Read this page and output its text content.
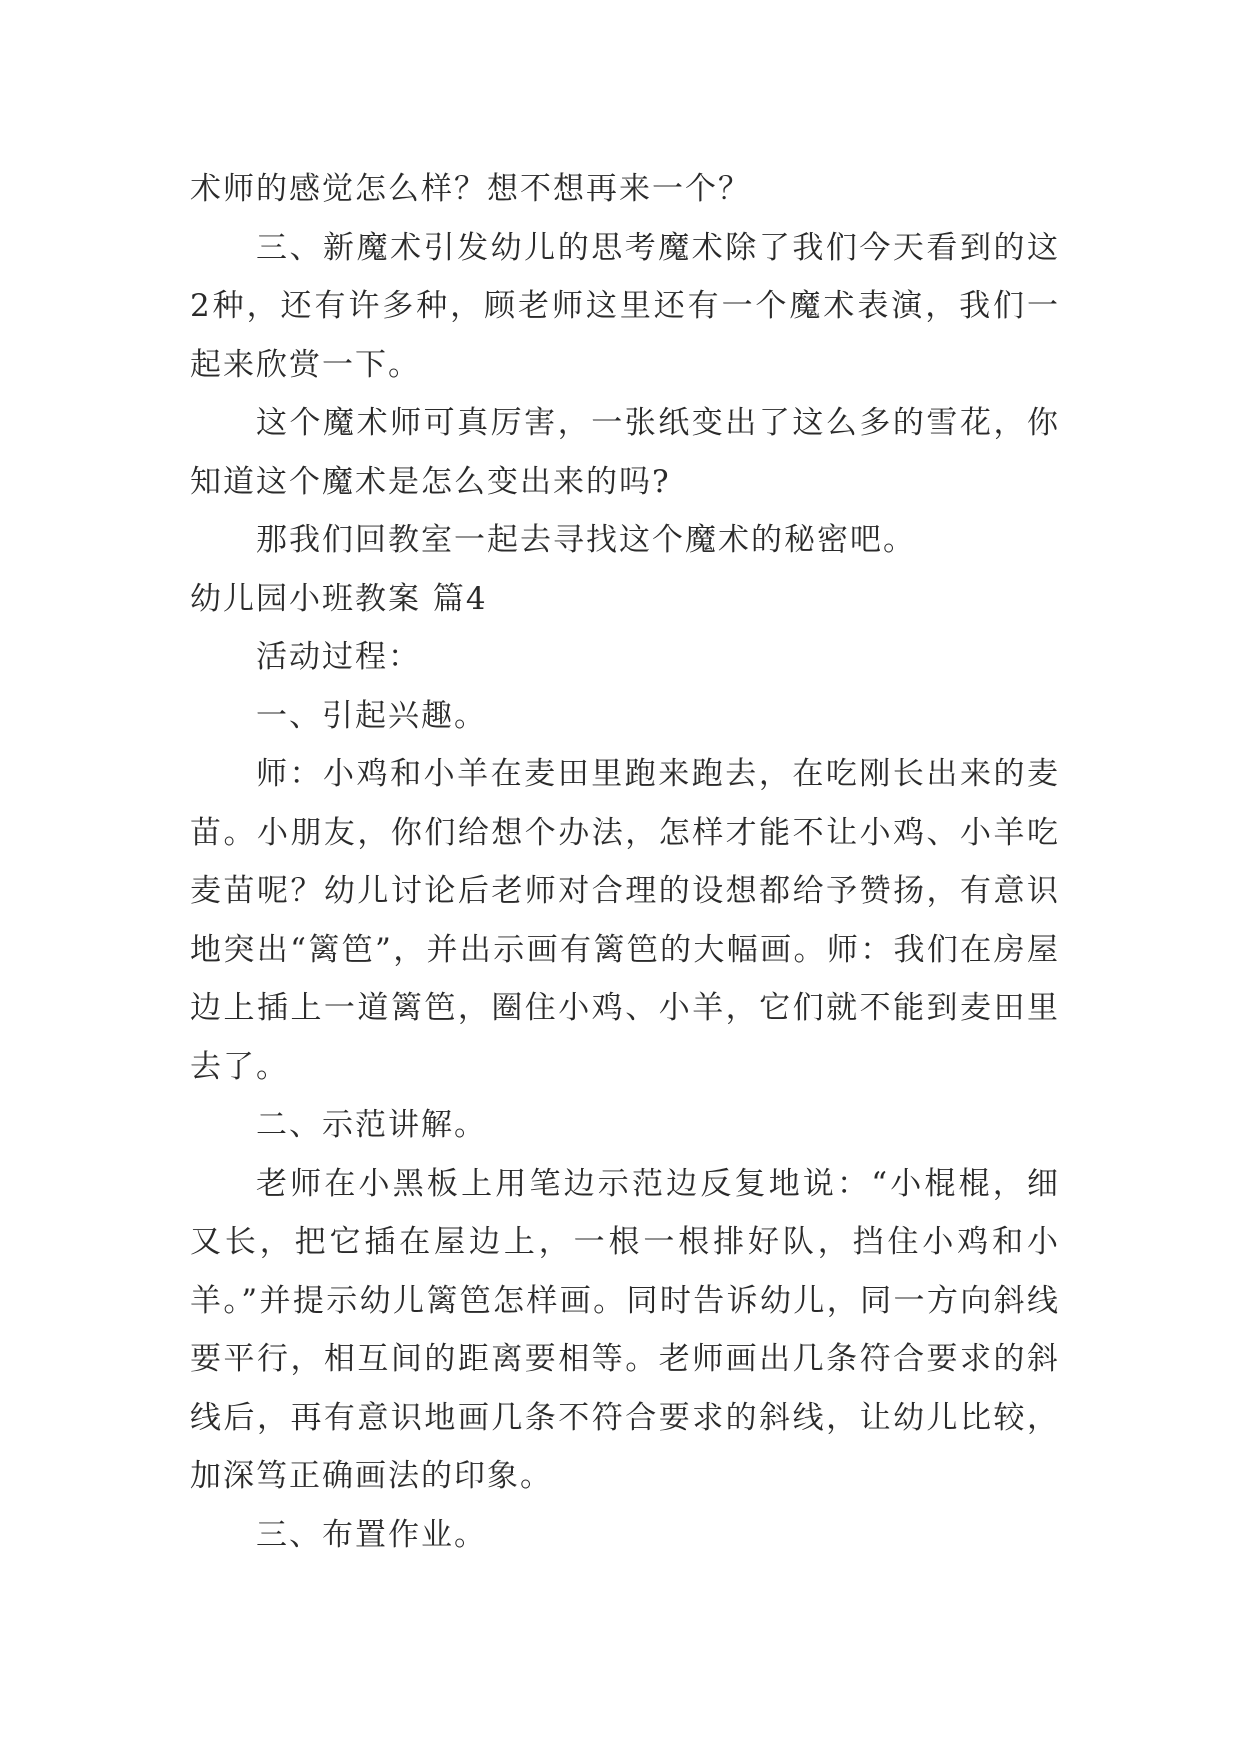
术师的感觉怎么样？想不想再来一个？

三、新魔术引发幼儿的思考魔术除了我们今天看到的这2种，还有许多种，顾老师这里还有一个魔术表演，我们一起来欣赏一下。

这个魔术师可真厉害，一张纸变出了这么多的雪花，你知道这个魔术是怎么变出来的吗?

那我们回教室一起去寻找这个魔术的秘密吧。

幼儿园小班教案 篇4

活动过程：

一、引起兴趣。

师：小鸡和小羊在麦田里跑来跑去，在吃刚长出来的麦苗。小朋友，你们给想个办法，怎样才能不让小鸡、小羊吃麦苗呢？幼儿讨论后老师对合理的设想都给予赞扬，有意识地突出“篱笆”，并出示画有篱笆的大幅画。师：我们在房屋边上插上一道篱笆，圈住小鸡、小羊，它们就不能到麦田里去了。

二、示范讲解。

老师在小黑板上用笔边示范边反复地说：“小棍棍，细又长，把它插在屋边上，一根一根排好队，挡住小鸡和小羊。”并提示幼儿篱笆怎样画。同时告诉幼儿，同一方向斜线要平行，相互间的距离要相等。老师画出几条符合要求的斜线后，再有意识地画几条不符合要求的斜线，让幼儿比较，加深笃正确画法的印象。

三、布置作业。
